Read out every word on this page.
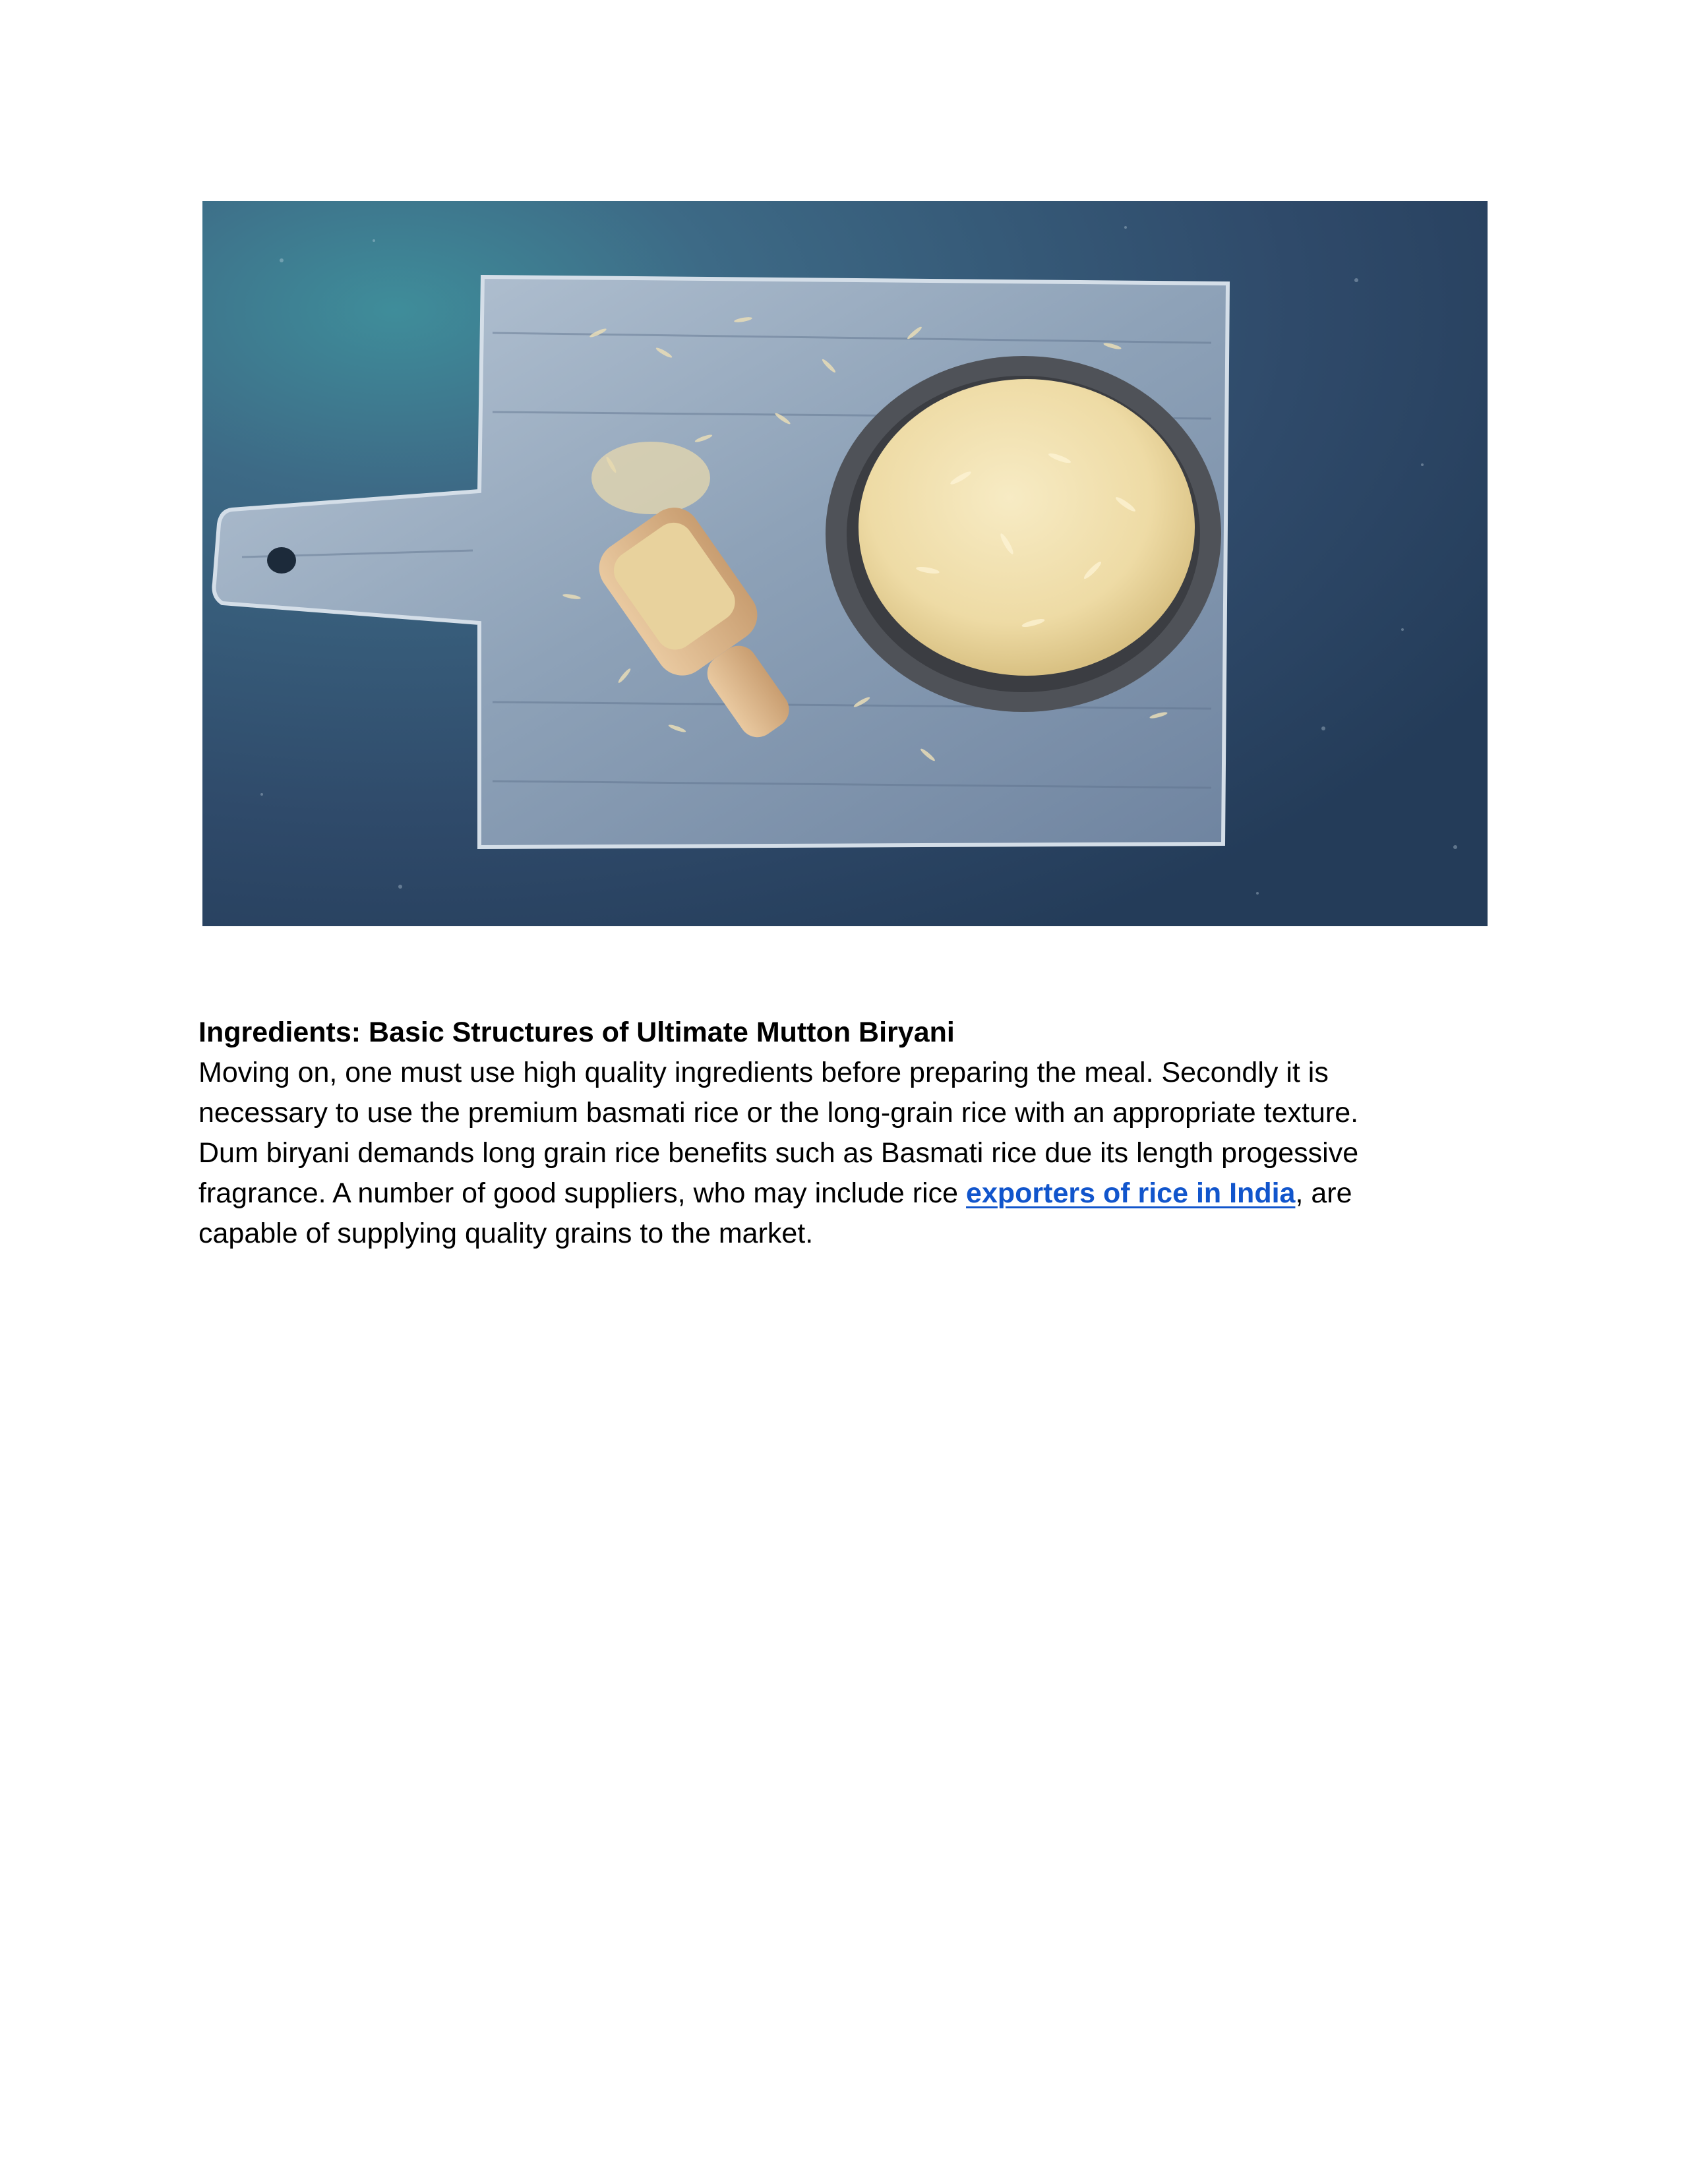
Ingredients: Basic Structures of Ultimate Mutton Biryani

Moving on, one must use high quality ingredients before preparing the meal. Secondly it is
necessary to use the premium basmati rice or the long-grain rice with an appropriate texture.
Dum biryani demands long grain rice benefits such as Basmati rice due its length progessive
fragrance. A number of good suppliers, who may include rice exporters of rice in India, are
capable of supplying quality grains to the market.
